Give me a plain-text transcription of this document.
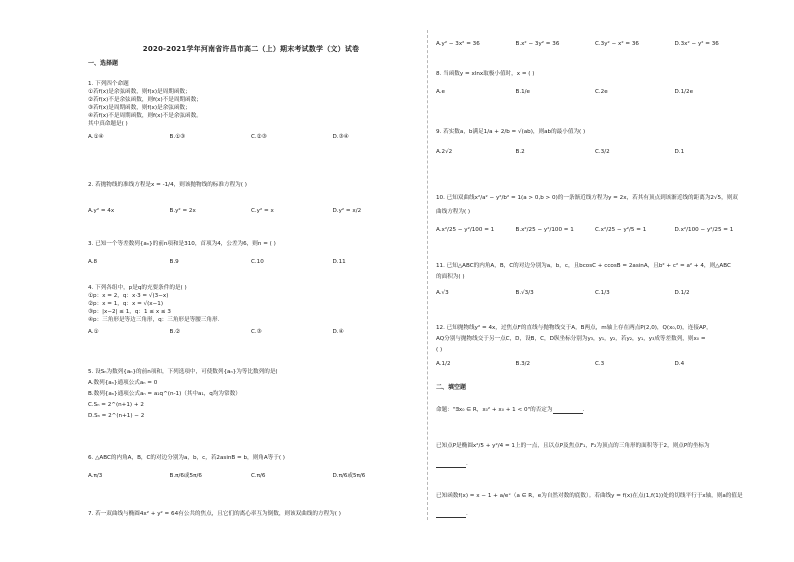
2020-2021学年河南省许昌市高二（上）期末考试数学（文）试卷
一、选择题
1. 下列四个命题
①若f(x)是余弦函数，则f(x)是周期函数；
②若f(x)不是余弦函数，则f(x)不是周期函数；
③若f(x)是周期函数，则f(x)是余弦函数；
④若f(x)不是周期函数，则f(x)不是余弦函数。
其中真命题是( )
A.①④	B.①③	C.②③	D.③④
2. 若抛物线的准线方程是x = -1/4，则该抛物线的标准方程为( )
A.y² = 4x	B.y² = 2x	C.y² = x	D.y² = x/2
3. 已知一个等差数列{aₙ}的前n项和是310，首项为4，公差为6，则n = ( )
A.8	B.9	C.10	D.11
4. 下列各组中，p是q的充要条件的是( )
①p：x = 2，q：x·3 = √(3−x)
②p：x = 1，q：x = √(x−1)
③p：|x−2| ≤ 1，q：1 ≤ x ≤ 3
④p：三角形是等边三角形，q：三角形是等腰三角形.
A.①	B.②	C.③	D.④
5. 设Sₙ为数列{aₙ}的前n项和，下列选项中，可使数列{aₙ}为等比数列的是(
A.数列{aₙ}通项公式aₙ = 0
B.数列{aₙ}通项公式aₙ = a₁q^(n-1)（其中a₁，q均为常数）
C.Sₙ = 2^(n+1) + 2
D.Sₙ = 2^(n+1) − 2
6. △ABC的内角A，B，C的对边分别为a，b，c，若2asinB = b，则角A等于( )
A.π/3	B.π/6或5π/6	C.π/6	D.π/6或5π/6
7. 若一双曲线与椭圆4x² + y² = 64有公共的焦点，且它们的离心率互为倒数，则该双曲线的方程为( )
A.y² − 3x² = 36	B.x² − 3y² = 36	C.3y² − x² = 36	D.3x² − y² = 36
8. 当函数y = xlnx取极小值时，x = ( )
A.e	B.1/e	C.2e	D.1/2e
9. 若实数a，b满足1/a + 2/b = √(ab)，则ab的最小值为( )
A.2√2	B.2	C.3/2	D.1
10. 已知双曲线x²/a² − y²/b² = 1(a > 0,b > 0)的一条渐近线方程为y = 2x，若其有顶点到该渐近线的距离为2√5，则双
曲线方程为( )
A.x²/25 − y²/100 = 1	B.x²/25 − y²/100 = 1	C.x²/25 − y²/5 = 1	D.x²/100 − y²/25 = 1
11. 已知△ABC的内角A，B，C的对边分别为a，b，c，且bcosC + ccosB = 2asinA，且b² + c² = a² + 4，则△ABC
的面积为( )
A.√3	B.√3/3	C.1/3	D.1/2
12. 已知抛物线y² = 4x，过焦点F的直线与抛物线交于A，B两点，m轴上存在两点P(2,0)，Q(x₀,0)，连接AP，
AQ分别与抛物线交于另一点C，D，设B，C，D纵坐标分别为y₃，y₁，y₂，若y₂，y₁，y₃成等差数列，则x₀ =
( )
A.1/2	B.3/2	C.3	D.4
二、填空题
命题："∃x₀ ∈ R，x₀² + x₀ + 1 < 0"的否定为	.
已知点P是椭圆x²/5 + y²/4 = 1上的一点，且以点P及焦点F₁，F₂为顶点的三角形的面积等于2，则点P的坐标为
.
已知函数f(x) = x − 1 + a/eˣ（a ∈ R，e为自然对数的底数）。若曲线y = f(x)在点(1,f(1))处的切线平行于x轴，则a的值是
.
